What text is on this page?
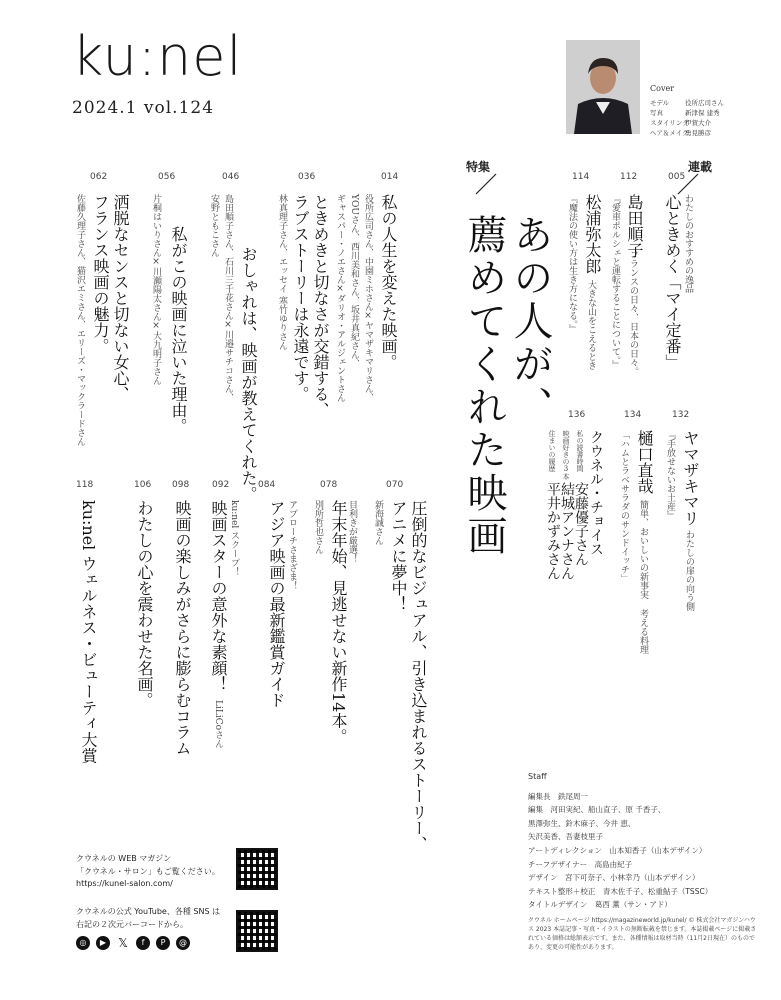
ku:nel
2024.1 vol.124
Cover
モデル 役所広司さん
写真	新津保 建秀
スタイリング伊賀大介
ヘア＆メイク勇見勝彦
連載
特集
あの人が、
薦めてくれた映画
005
わたしのおすすめの逸品
心ときめく「マイ定番」
112
島田順子
フランスの日々、日本の日々。
『愛車ポルシェと運転することについて。』
114
松浦弥太郎
大きな山をこえるとき
『魔法の使い方は生き方になる。』
132
ヤマザキマリ
わたしの扉の向う側
『手放せないお土産』
134
樋口直哉
簡単、おいしいの新事実 考える料理
「ハムとラベサラダのサンドイッチ」
136
クウネル・チョイス
私の読書時間
安藤優子さん
映画好きの3本
結城アンナさん
住まいの履歴
平井かずみさん
014
私の人生を変えた映画。
役所広司さん、中園ミホさん×ヤマザキマリさん、
YOUさん、西川美和さん、坂井真紀さん、
ギャスパー・ノエさん×ダリオ・アルジェントさん
036
ときめきと切なさが交錯する、
ラブストーリーは永遠です。
林真理子さん、エッセイ 寒竹ゆりさん
046
おしゃれは、映画が教えてくれた。
島田順子さん、石川三千花さん×川邉サチコさん、
安野ともこさん
056
私がこの映画に泣いた理由。
片桐はいりさん×川瀬陽太さん×大九明子さん
062
洒脱なセンスと切ない女心、
フランス映画の魅力。
佐藤久理子さん、猫沢エミさん、エリーズ・マックラードさん
070
圧倒的なビジュアル、引き込まれるストーリー、
アニメに夢中！
新海誠さん
078
目利きが厳選！
年末年始、見逃せない新作14本。
別所哲也さん
084
アプローチさまざま！
アジア映画の最新鑑賞ガイド
092
ku:nel スクープ！
映画スターの意外な素顔！
LiLiCoさん
098
映画の楽しみがさらに膨らむコラム
106
わたしの心を震わせた名画。
118
ku:nel ウェルネス・ビューティ大賞
Staff
編集長　鉄尾周一
編集　河田実紀、船山直子、原 千香子、
黒澤弥生、鈴木麻子、今井 恵、
矢沢美香、吾妻枝里子
アートディレクション　山本知香子（山本デザイン）
チーフデザイナー　高島由紀子
デザイン　宮下可奈子、小林幸乃（山本デザイン）
テキスト整形＋校正　青木佐千子、松重鮎子（TSSC）
タイトルデザイン　葛西 薫（サン・アド）
クウネル ホームページ https://magazineworld.jp/kunel/ © 株式会社マガジンハウス 2023 本誌記事・写真・イラストの無断転載を禁じます。本誌掲載ページに掲載されている価格は総額表示です。また、各種情報は取材当時（11月2日現在）のものであり、変更の可能性があります。
クウネルの WEB マガジン
「クウネル・サロン」もご覧ください。
https://kunel-salon.com/
クウネルの公式 YouTube、各種 SNS は
右記の２次元バーコードから。
◎	▶	𝕏	f	P	@
